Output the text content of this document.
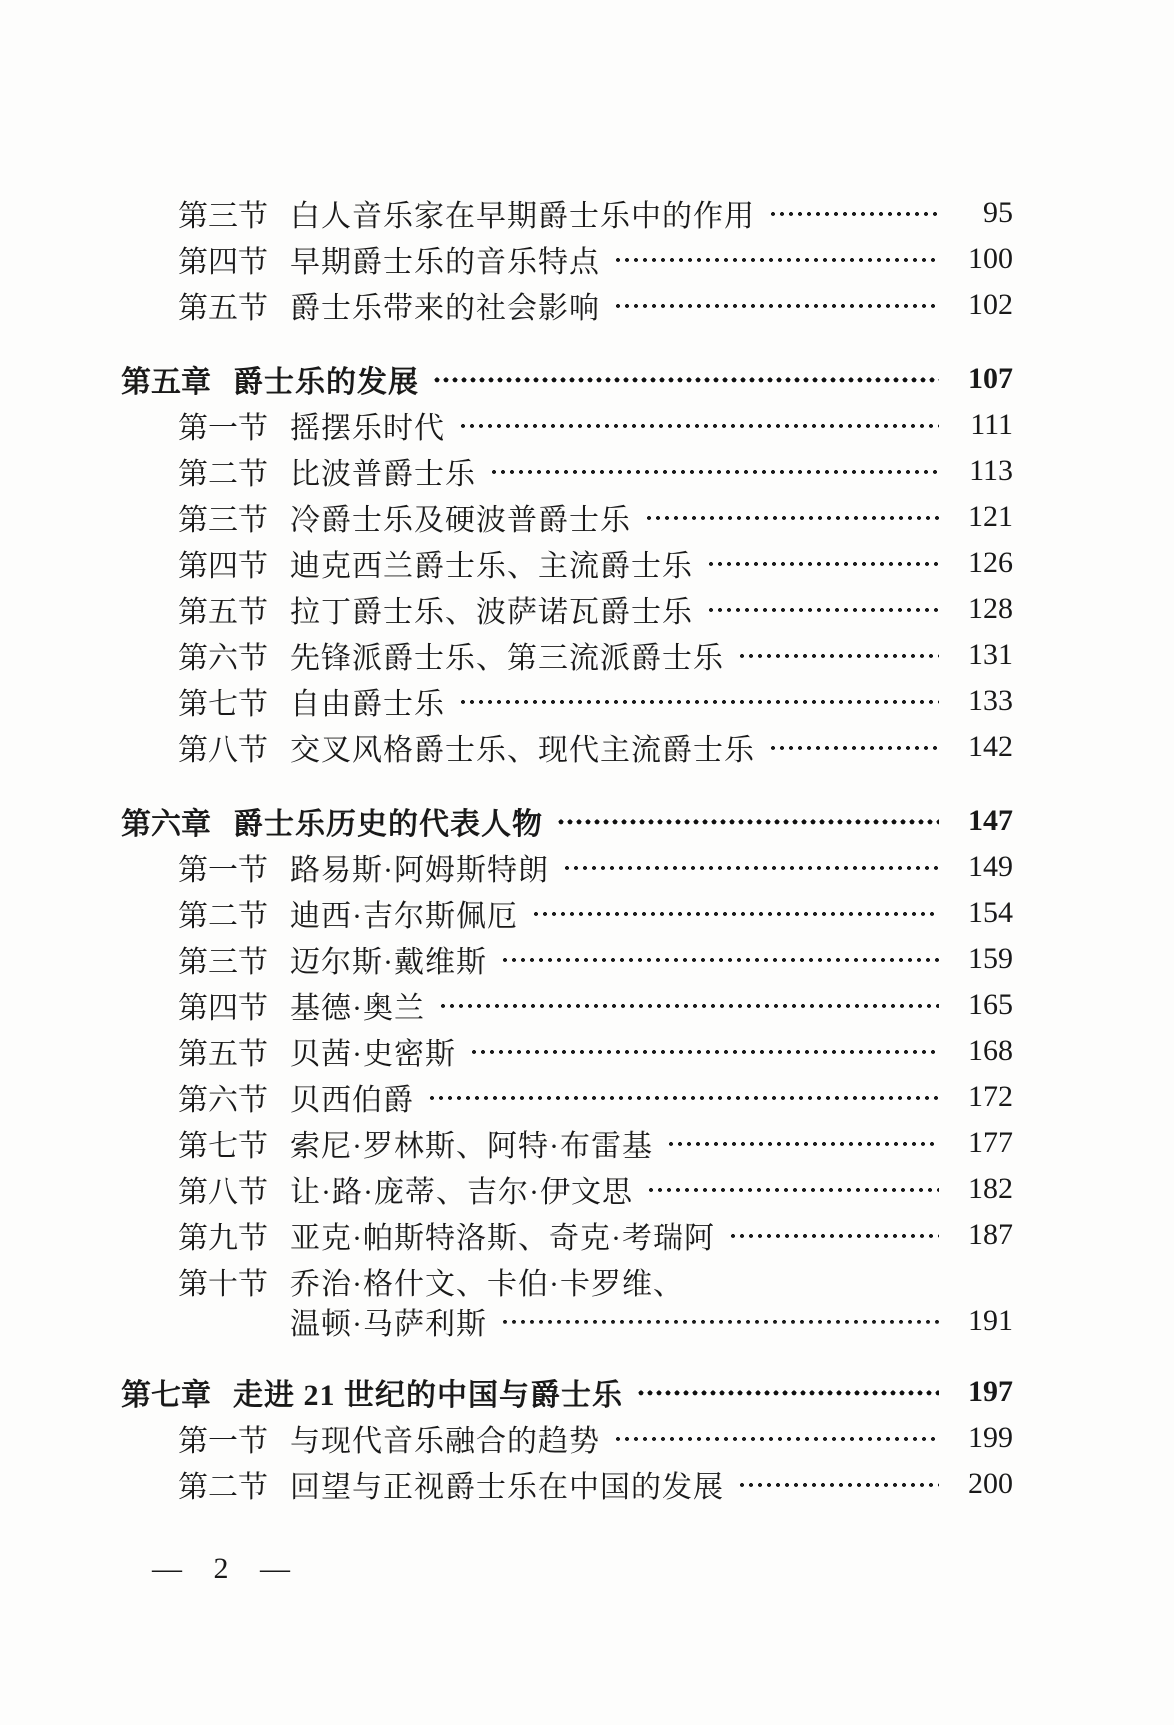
第三节 白人音乐家在早期爵士乐中的作用	95
第四节 早期爵士乐的音乐特点	100
第五节 爵士乐带来的社会影响	102
第五章 爵士乐的发展	107
第一节 摇摆乐时代	111
第二节 比波普爵士乐	113
第三节 冷爵士乐及硬波普爵士乐	121
第四节 迪克西兰爵士乐、主流爵士乐	126
第五节 拉丁爵士乐、波萨诺瓦爵士乐	128
第六节 先锋派爵士乐、第三流派爵士乐	131
第七节 自由爵士乐	133
第八节 交叉风格爵士乐、现代主流爵士乐	142
第六章 爵士乐历史的代表人物	147
第一节 路易斯·阿姆斯特朗	149
第二节 迪西·吉尔斯佩厄	154
第三节 迈尔斯·戴维斯	159
第四节 基德·奥兰	165
第五节 贝茜·史密斯	168
第六节 贝西伯爵	172
第七节 索尼·罗林斯、阿特·布雷基	177
第八节 让·路·庞蒂、吉尔·伊文思	182
第九节 亚克·帕斯特洛斯、奇克·考瑞阿	187
第十节 乔治·格什文、卡伯·卡罗维、
温顿·马萨利斯	191
第七章 走进 21 世纪的中国与爵士乐	197
第一节 与现代音乐融合的趋势	199
第二节 回望与正视爵士乐在中国的发展	200
— 2 —
